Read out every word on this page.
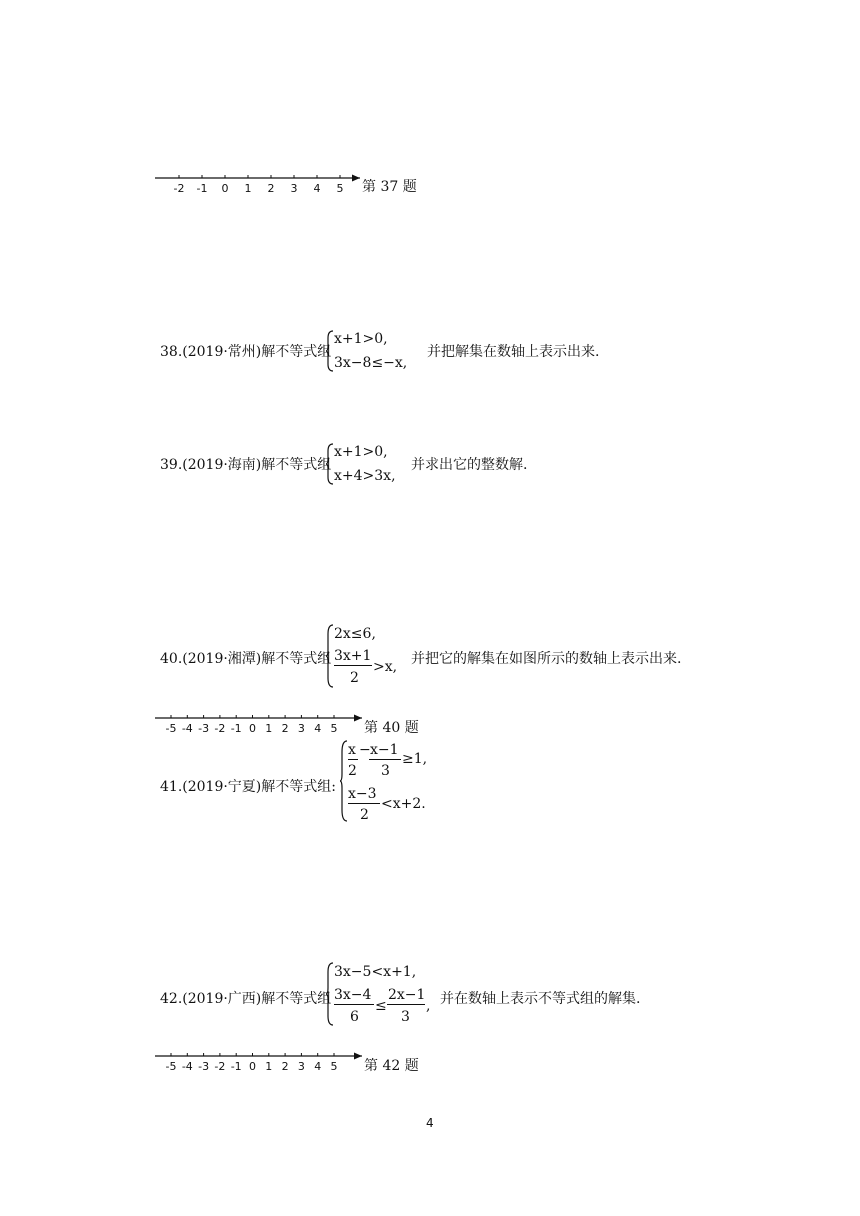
-2 -1 0 1 2 3 4 5 第 37 题
38.(2019·常州)解不等式组
x+1>0,
3x−8≤−x,
并把解集在数轴上表示出来.
39.(2019·海南)解不等式组
x+1>0,
x+4>3x,
并求出它的整数解.
40.(2019·湘潭)解不等式组
2x≤6,
3x+1
2
>x, 并把它的解集在如图所示的数轴上表示出来.
-5 -4 -3 -2 -1 0 1 2 3 4 5 第 40 题
41.(2019·宁夏)解不等式组:
x
2
− x−1
3
≥1,
x−3
2
<x+2.
42.(2019·广西)解不等式组
3x−5<x+1,
3x−4
6
≤
2x−1
3
, 并在数轴上表示不等式组的解集.
-5 -4 -3 -2 -1 0 1 2 3 4 5 第 42 题
4
